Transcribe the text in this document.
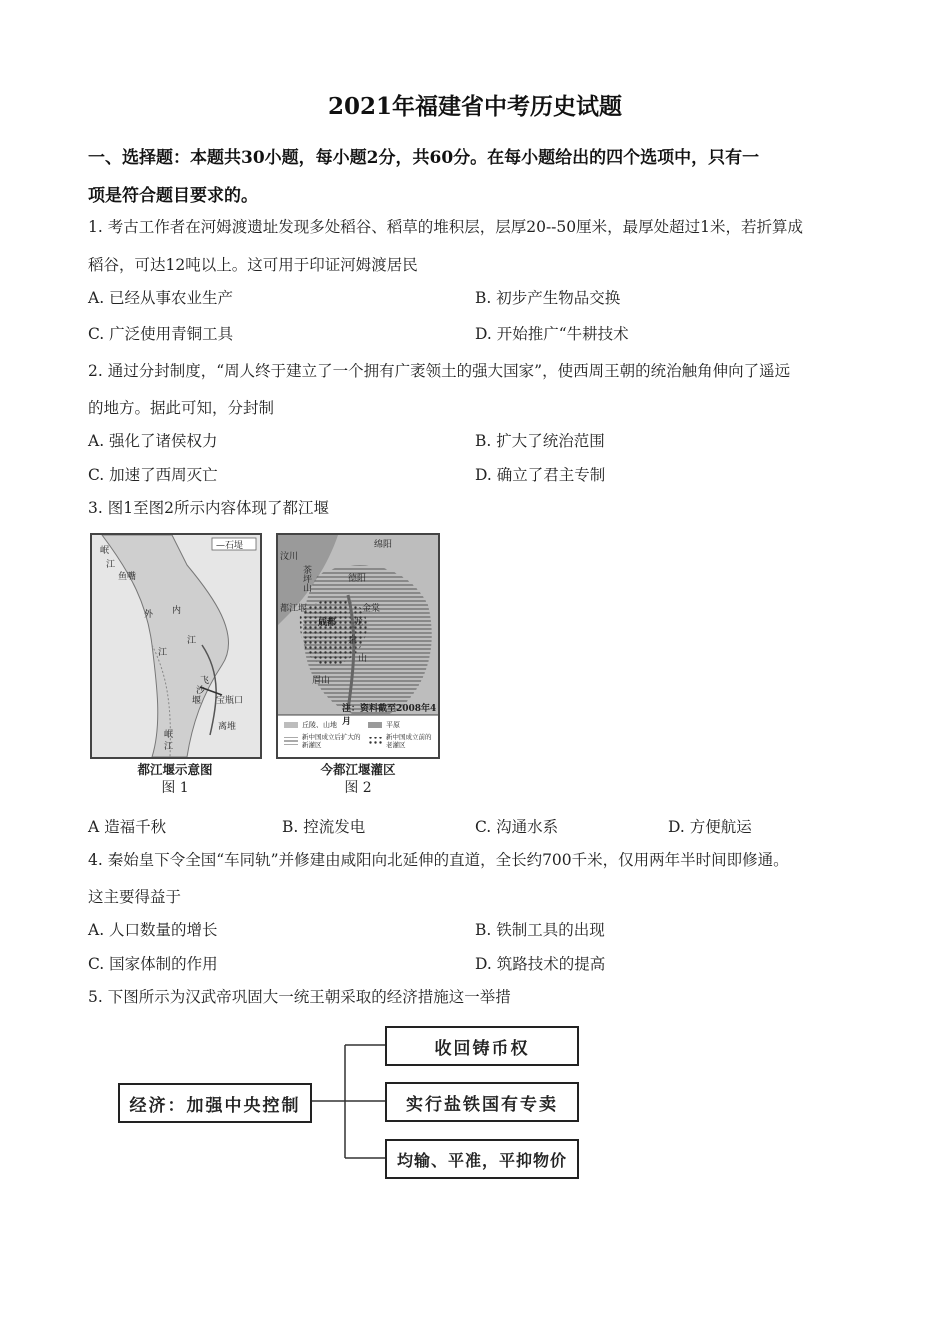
2021年福建省中考历史试题
一、选择题：本题共30小题，每小题2分，共60分。在每小题给出的四个选项中，只有一
项是符合题目要求的。
1. 考古工作者在河姆渡遗址发现多处稻谷、稻草的堆积层，层厚20--50厘米，最厚处超过1米，若折算成
稻谷，可达12吨以上。这可用于印证河姆渡居民
A. 已经从事农业生产	B. 初步产生物品交换
C. 广泛使用青铜工具	D. 开始推广“牛耕技术
2. 通过分封制度，“周人终于建立了一个拥有广袤领土的强大国家”，使西周王朝的统治触角伸向了遥远
的地方。据此可知，分封制
A. 强化了诸侯权力	B. 扩大了统治范围
C. 加速了西周灭亡	D. 确立了君主专制
3. 图1至图2所示内容体现了都江堰
—石堤
岷
江
鱼嘴
外 内
江
江
飞
沙
堰 宝瓶口
离堆
岷
江
都江堰示意图
图 1
绵阳
汶川
茶坪山	德阳
都江堰	金棠
成都 龙
泉
山
眉山
注：资料截至2008年4月
丘陵、山地	平原
新中国成立后扩大的新灌区
新中国成立前的老灌区
今都江堰灌区
图 2
A 造福千秋	B. 控流发电	C. 沟通水系	D. 方便航运
4. 秦始皇下令全国“车同轨”并修建由咸阳向北延伸的直道，全长约700千米，仅用两年半时间即修通。
这主要得益于
A. 人口数量的增长	B. 铁制工具的出现
C. 国家体制的作用	D. 筑路技术的提高
5. 下图所示为汉武帝巩固大一统王朝采取的经济措施这一举措
经济：加强中央控制
收回铸币权
实行盐铁国有专卖
均输、平准，平抑物价
